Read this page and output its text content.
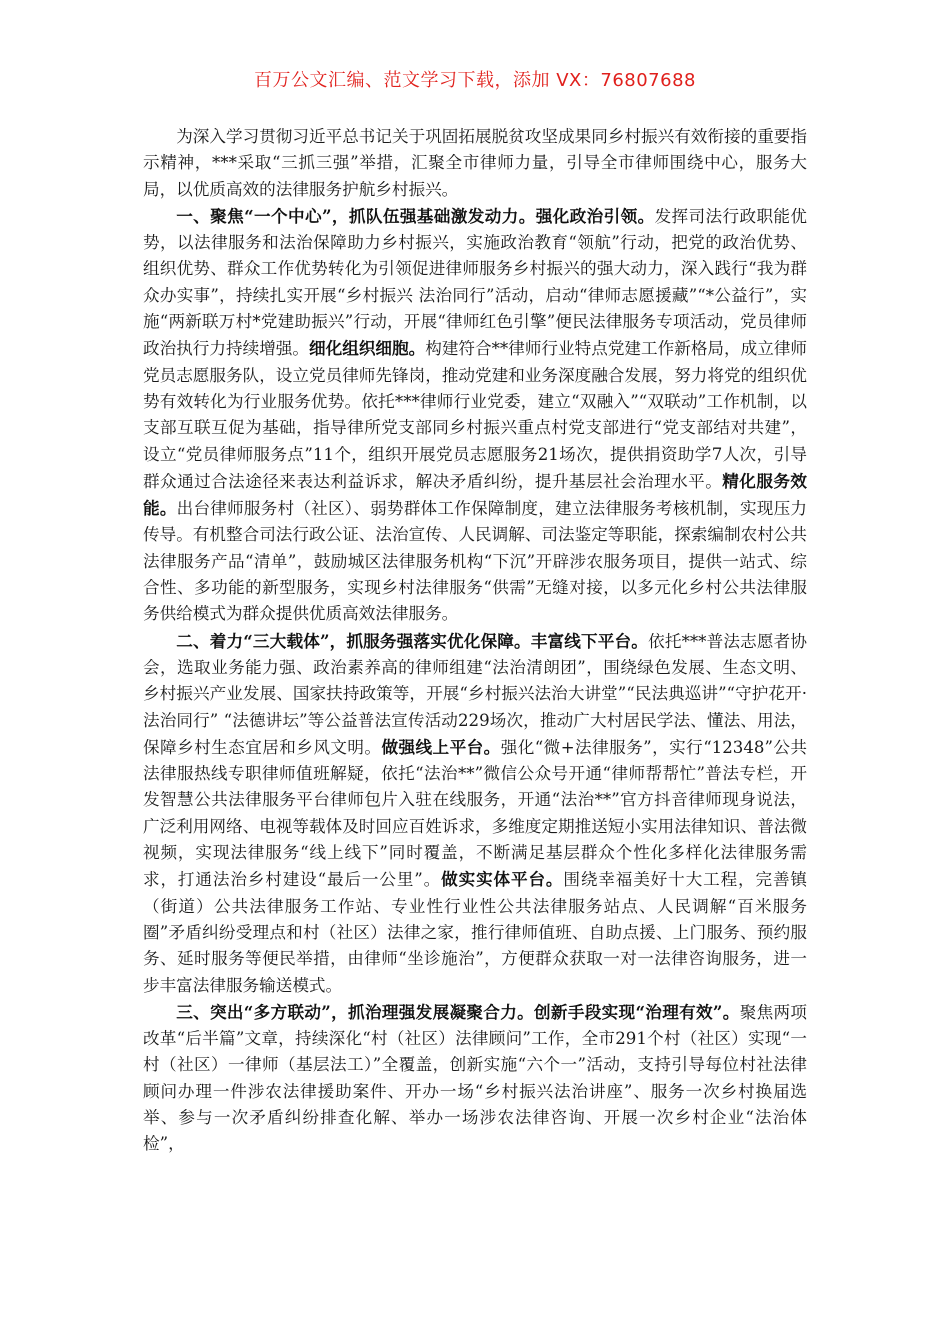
百万公文汇编、范文学习下载，添加 VX：76807688

为深入学习贯彻习近平总书记关于巩固拓展脱贫攻坚成果同乡村振兴有效衔接的重要指示精神，***采取“三抓三强”举措，汇聚全市律师力量，引导全市律师围绕中心，服务大局，以优质高效的法律服务护航乡村振兴。

一、聚焦“一个中心”，抓队伍强基础激发动力。强化政治引领。发挥司法行政职能优势，以法律服务和法治保障助力乡村振兴，实施政治教育“领航”行动，把党的政治优势、组织优势、群众工作优势转化为引领促进律师服务乡村振兴的强大动力，深入践行“我为群众办实事”，持续扎实开展“乡村振兴 法治同行”活动，启动“律师志愿援藏”“*公益行”，实施“两新联万村*党建助振兴”行动，开展“律师红色引擎”便民法律服务专项活动，党员律师政治执行力持续增强。细化组织细胞。构建符合**律师行业特点党建工作新格局，成立律师党员志愿服务队，设立党员律师先锋岗，推动党建和业务深度融合发展，努力将党的组织优势有效转化为行业服务优势。依托***律师行业党委，建立“双融入”“双联动”工作机制，以支部互联互促为基础，指导律所党支部同乡村振兴重点村党支部进行“党支部结对共建”，设立“党员律师服务点”11个，组织开展党员志愿服务21场次，提供捐资助学7人次，引导群众通过合法途径来表达利益诉求，解决矛盾纠纷，提升基层社会治理水平。精化服务效能。出台律师服务村（社区）、弱势群体工作保障制度，建立法律服务考核机制，实现压力传导。有机整合司法行政公证、法治宣传、人民调解、司法鉴定等职能，探索编制农村公共法律服务产品“清单”，鼓励城区法律服务机构“下沉”开辟涉农服务项目，提供一站式、综合性、多功能的新型服务，实现乡村法律服务“供需”无缝对接，以多元化乡村公共法律服务供给模式为群众提供优质高效法律服务。

二、着力“三大载体”，抓服务强落实优化保障。丰富线下平台。依托***普法志愿者协会，选取业务能力强、政治素养高的律师组建“法治清朗团”，围绕绿色发展、生态文明、乡村振兴产业发展、国家扶持政策等，开展“乡村振兴法治大讲堂”“民法典巡讲”“守护花开·法治同行” “法德讲坛”等公益普法宣传活动229场次，推动广大村居民学法、懂法、用法，保障乡村生态宜居和乡风文明。做强线上平台。强化“微+法律服务”，实行“12348”公共法律服热线专职律师值班解疑，依托“法治**”微信公众号开通“律师帮帮忙”普法专栏，开发智慧公共法律服务平台律师包片入驻在线服务，开通“法治**”官方抖音律师现身说法，广泛利用网络、电视等载体及时回应百姓诉求，多维度定期推送短小实用法律知识、普法微视频，实现法律服务“线上线下”同时覆盖，不断满足基层群众个性化多样化法律服务需求，打通法治乡村建设“最后一公里”。做实实体平台。围绕幸福美好十大工程，完善镇（街道）公共法律服务工作站、专业性行业性公共法律服务站点、人民调解“百米服务圈”矛盾纠纷受理点和村（社区）法律之家，推行律师值班、自助点援、上门服务、预约服务、延时服务等便民举措，由律师“坐诊施治”，方便群众获取一对一法律咨询服务，进一步丰富法律服务输送模式。

三、突出“多方联动”，抓治理强发展凝聚合力。创新手段实现“治理有效”。聚焦两项改革“后半篇”文章，持续深化“村（社区）法律顾问”工作，全市291个村（社区）实现“一村（社区）一律师（基层法工）”全覆盖，创新实施“六个一”活动，支持引导每位村社法律顾问办理一件涉农法律援助案件、开办一场“乡村振兴法治讲座”、服务一次乡村换届选举、参与一次矛盾纠纷排查化解、举办一场涉农法律咨询、开展一次乡村企业“法治体检”，
